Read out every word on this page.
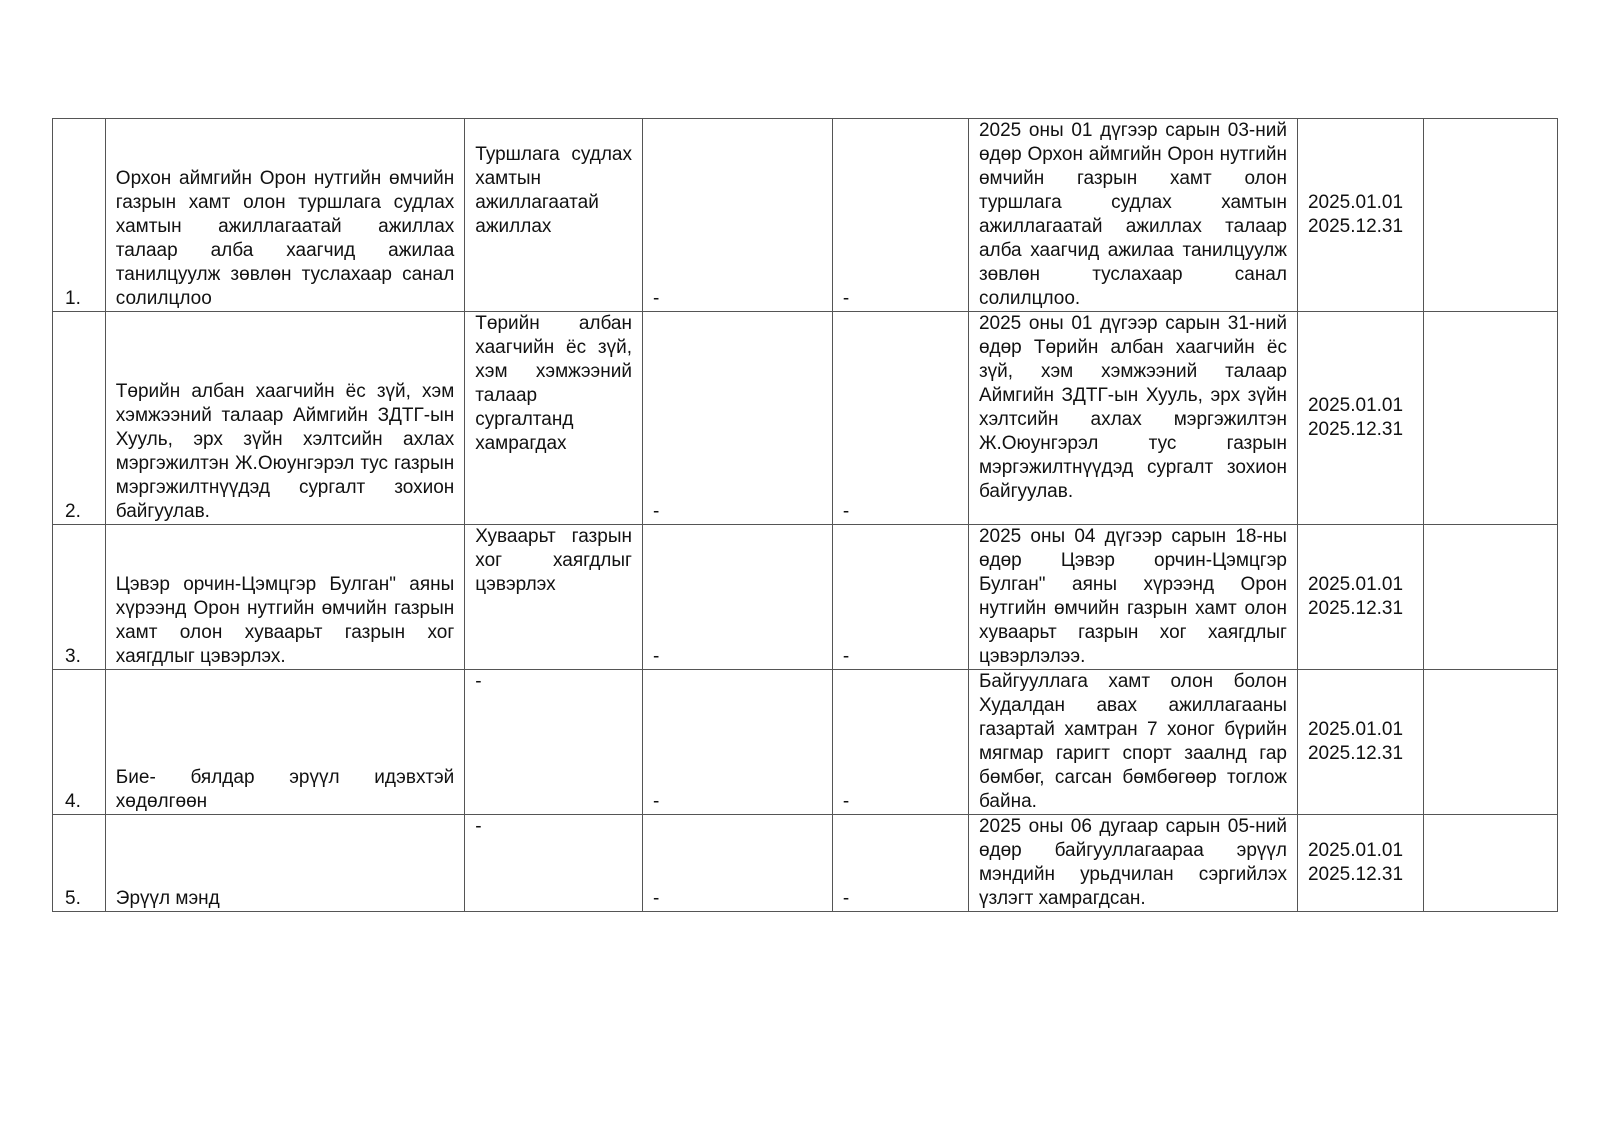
1.	Орхон аймгийн Орон нутгийн өмчийн газрын хамт олон туршлага судлах хамтын ажиллагаатай ажиллах талаар алба хаагчид ажилаа танилцуулж зөвлөн туслахаар санал солилцлоо	Туршлага судлах хамтын ажиллагаатай ажиллах	-	-	2025 оны 01 дүгээр сарын 03-ний өдөр Орхон аймгийн Орон нутгийн өмчийн газрын хамт олон туршлага судлах хамтын ажиллагаатай ажиллах талаар алба хаагчид ажилаа танилцуулж зөвлөн туслахаар санал солилцлоо.	2025.01.01
2025.12.31	

2.	Төрийн албан хаагчийн ёс зүй, хэм хэмжээний талаар Аймгийн ЗДТГ-ын Хууль, эрх зүйн хэлтсийн ахлах мэргэжилтэн Ж.Оюунгэрэл тус газрын мэргэжилтнүүдэд сургалт зохион байгуулав.	Төрийн албан хаагчийн ёс зүй, хэм хэмжээний талаар сургалтанд хамрагдах	-	-	2025 оны 01 дүгээр сарын 31-ний өдөр Төрийн албан хаагчийн ёс зүй, хэм хэмжээний талаар Аймгийн ЗДТГ-ын Хууль, эрх зүйн хэлтсийн ахлах мэргэжилтэн Ж.Оюунгэрэл тус газрын мэргэжилтнүүдэд сургалт зохион байгуулав.	2025.01.01
2025.12.31	

3.	Цэвэр орчин-Цэмцгэр Булган" аяны хүрээнд Орон нутгийн өмчийн газрын хамт олон хуваарьт газрын хог хаягдлыг цэвэрлэх.	Хуваарьт газрын хог хаягдлыг цэвэрлэх	-	-	2025 оны 04 дүгээр сарын 18-ны өдөр Цэвэр орчин-Цэмцгэр Булган" аяны хүрээнд Орон нутгийн өмчийн газрын хамт олон хуваарьт газрын хог хаягдлыг цэвэрлэлээ.	2025.01.01
2025.12.31	

4.	Бие- бялдар эрүүл идэвхтэй хөдөлгөөн	-	-	-	Байгууллага хамт олон болон Худалдан авах ажиллагааны газартай хамтран 7 хоног бүрийн мягмар гаригт спорт заалнд гар бөмбөг, сагсан бөмбөгөөр тоглож байна.	2025.01.01
2025.12.31	

5.	Эрүүл мэнд	-	-	-	2025 оны 06 дугаар сарын 05-ний өдөр байгууллагаараа эрүүл мэндийн урьдчилан сэргийлэх үзлэгт хамрагдсан.	2025.01.01
2025.12.31	
